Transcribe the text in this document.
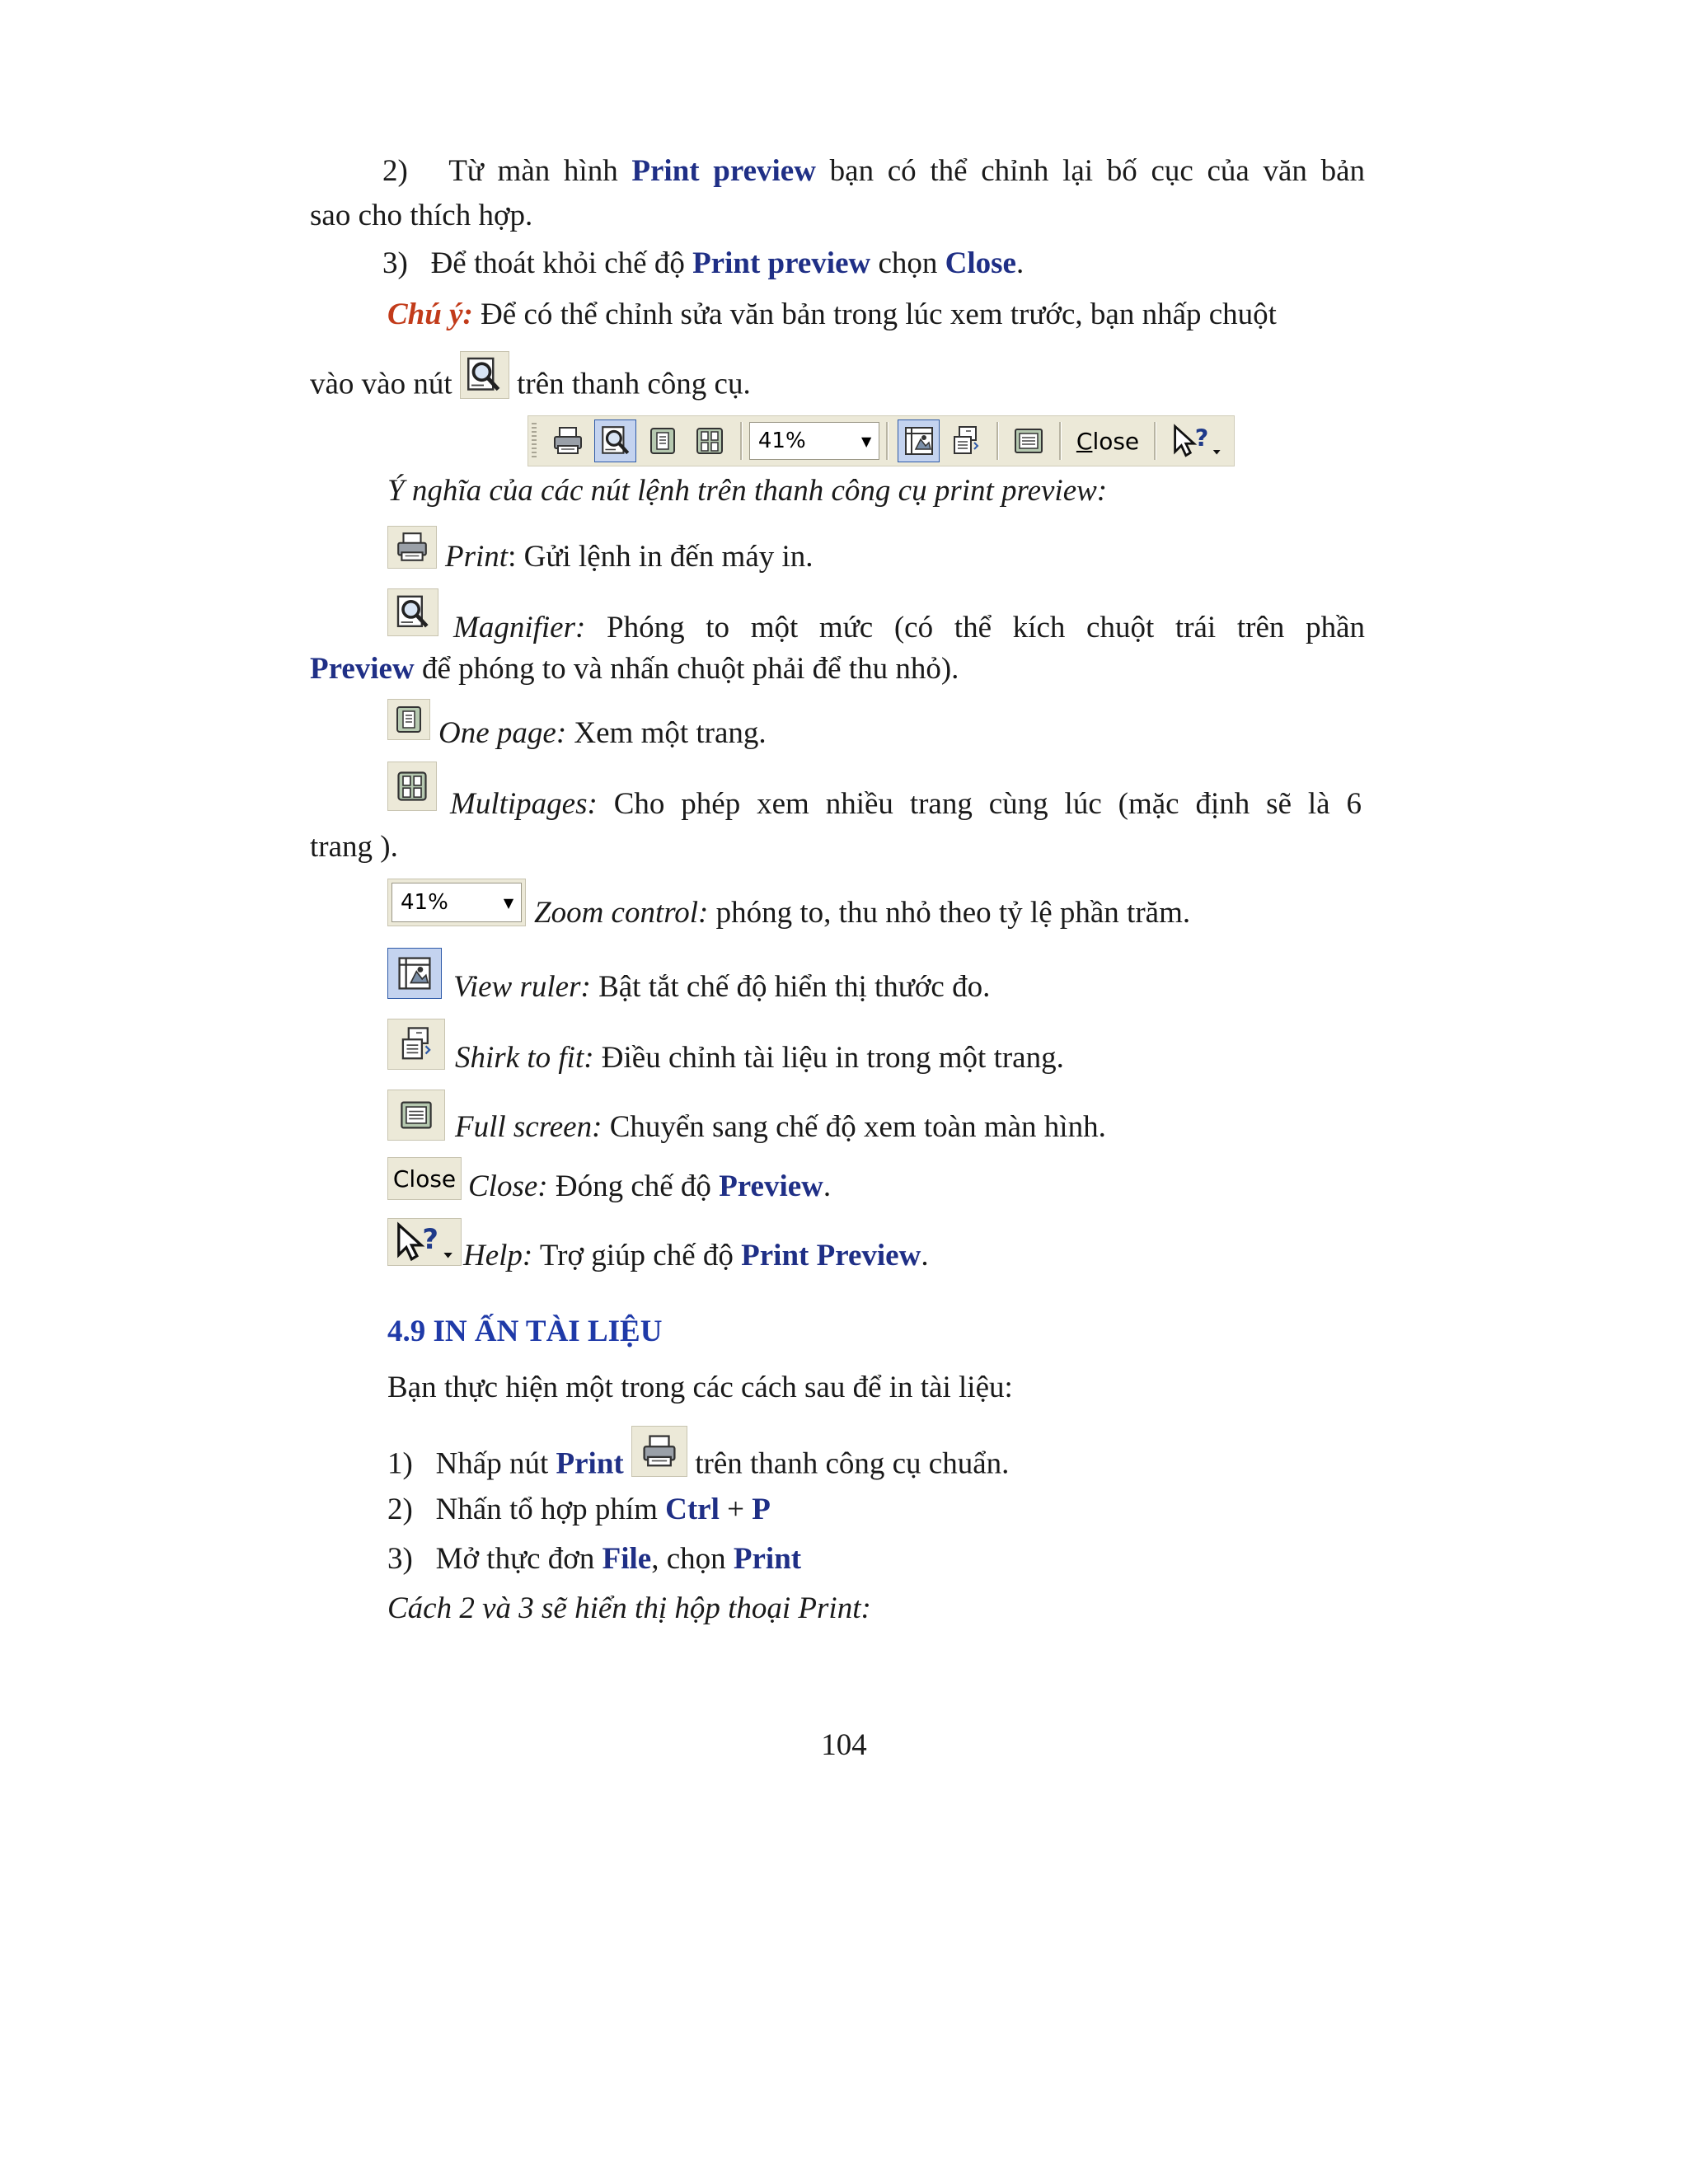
2) Từ màn hình Print preview bạn có thể chỉnh lại bố cục của văn bản
sao cho thích hợp.
3) Để thoát khỏi chế độ Print preview chọn Close.
Chú ý: Để có thể chỉnh sửa văn bản trong lúc xem trước, bạn nhấp chuột
vào vào nút trên thanh công cụ.
41%	▼	Close
Ý nghĩa của các nút lệnh trên thanh công cụ print preview:
Print: Gửi lệnh in đến máy in.
Magnifier: Phóng to một mức (có thể kích chuột trái trên phần
Preview để phóng to và nhấn chuột phải để thu nhỏ).
One page: Xem một trang.
Multipages: Cho phép xem nhiều trang cùng lúc (mặc định sẽ là 6
trang ).
41%	▼ Zoom control: phóng to, thu nhỏ theo tỷ lệ phần trăm.
View ruler: Bật tắt chế độ hiển thị thước đo.
Shirk to fit: Điều chỉnh tài liệu in trong một trang.
Full screen: Chuyển sang chế độ xem toàn màn hình.
Close Close: Đóng chế độ Preview.
Help: Trợ giúp chế độ Print Preview.
4.9 IN ẤN TÀI LIỆU
Bạn thực hiện một trong các cách sau để in tài liệu:
1) Nhấp nút Print trên thanh công cụ chuẩn.
2) Nhấn tổ hợp phím Ctrl + P
3) Mở thực đơn File, chọn Print
Cách 2 và 3 sẽ hiển thị hộp thoại Print:
104
